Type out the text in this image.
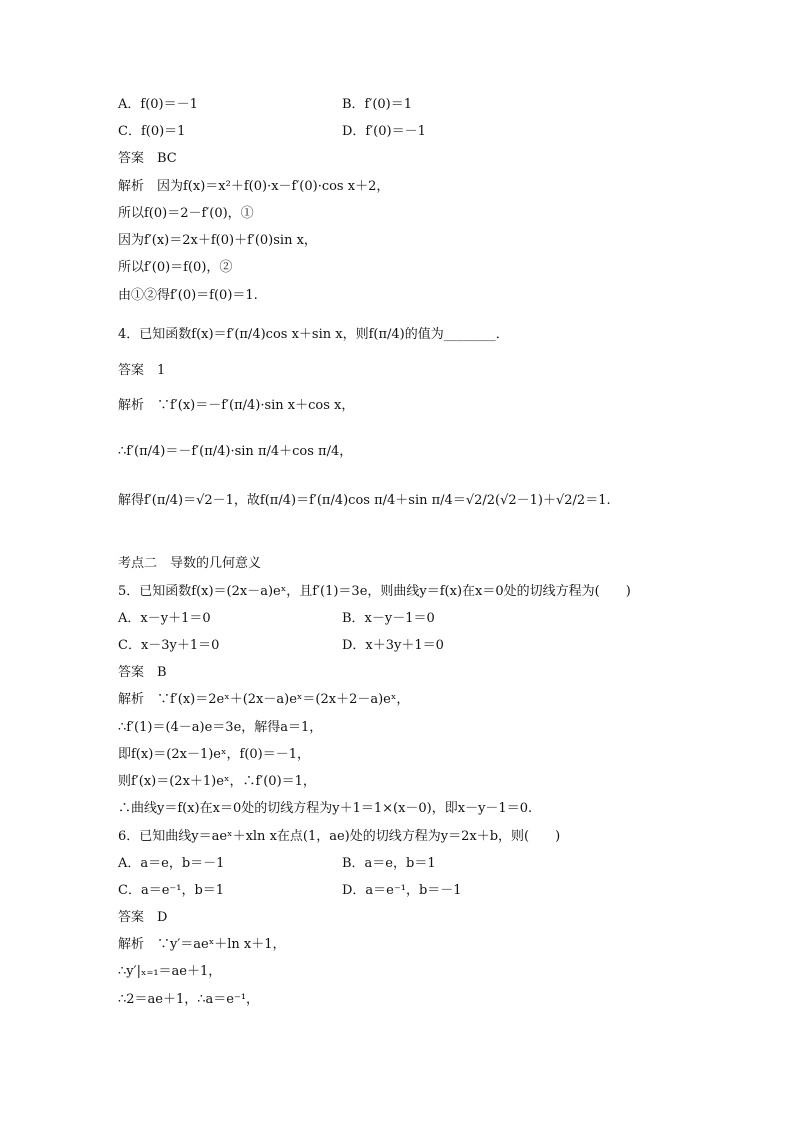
A．f(0)＝－1	B．f′(0)＝1
C．f(0)＝1	D．f′(0)＝－1
答案　BC
解析　因为f(x)＝x²＋f(0)·x－f′(0)·cos x＋2，
所以f(0)＝2－f′(0)，①
因为f′(x)＝2x＋f(0)＋f′(0)sin x，
所以f′(0)＝f(0)，②
由①②得f′(0)＝f(0)＝1.
4．已知函数f(x)＝f′(π/4)cos x＋sin x，则f(π/4)的值为________．
答案　1
解析　∵f′(x)＝－f′(π/4)·sin x＋cos x，
∴f′(π/4)＝－f′(π/4)·sin π/4＋cos π/4，
解得f′(π/4)＝√2－1，故f(π/4)＝f′(π/4)cos π/4＋sin π/4＝√2/2(√2－1)＋√2/2＝1.
考点二　导数的几何意义
5．已知函数f(x)＝(2x－a)eˣ，且f′(1)＝3e，则曲线y＝f(x)在x＝0处的切线方程为(　　)
A．x－y＋1＝0	B．x－y－1＝0
C．x－3y＋1＝0	D．x＋3y＋1＝0
答案　B
解析　∵f′(x)＝2eˣ＋(2x－a)eˣ＝(2x＋2－a)eˣ，
∴f′(1)＝(4－a)e＝3e，解得a＝1，
即f(x)＝(2x－1)eˣ，f(0)＝－1，
则f′(x)＝(2x＋1)eˣ，∴f′(0)＝1，
∴曲线y＝f(x)在x＝0处的切线方程为y＋1＝1×(x－0)，即x－y－1＝0.
6．已知曲线y＝aeˣ＋xln x在点(1，ae)处的切线方程为y＝2x＋b，则(　　)
A．a＝e，b＝－1	B．a＝e，b＝1
C．a＝e⁻¹，b＝1	D．a＝e⁻¹，b＝－1
答案　D
解析　∵y′＝aeˣ＋ln x＋1，
∴y′|ₓ₌₁＝ae＋1，
∴2＝ae＋1，∴a＝e⁻¹，
